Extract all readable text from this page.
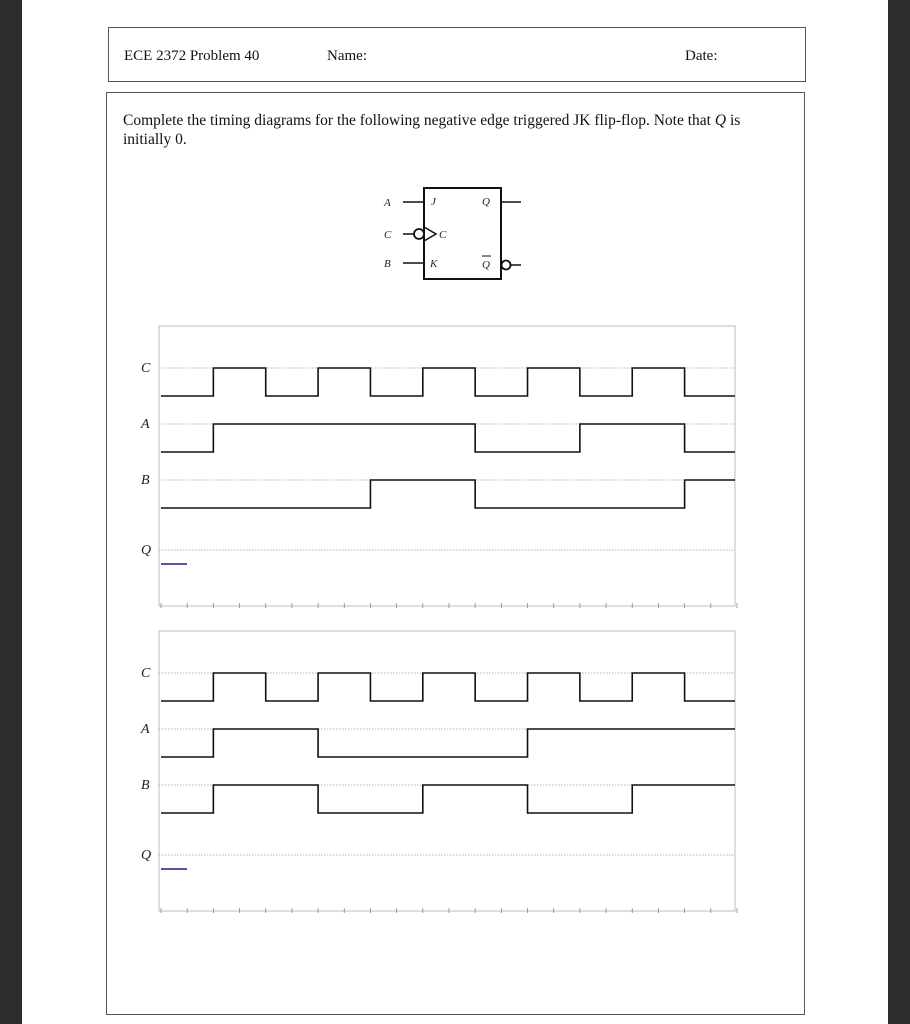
ECE 2372 Problem 40	Name:	Date:

Complete the timing diagrams for the following negative edge triggered JK flip-flop. Note that Q is initially 0.

A
C
B
J
C
K
Q
Q
C
A
B
Q
C
A
B
Q
